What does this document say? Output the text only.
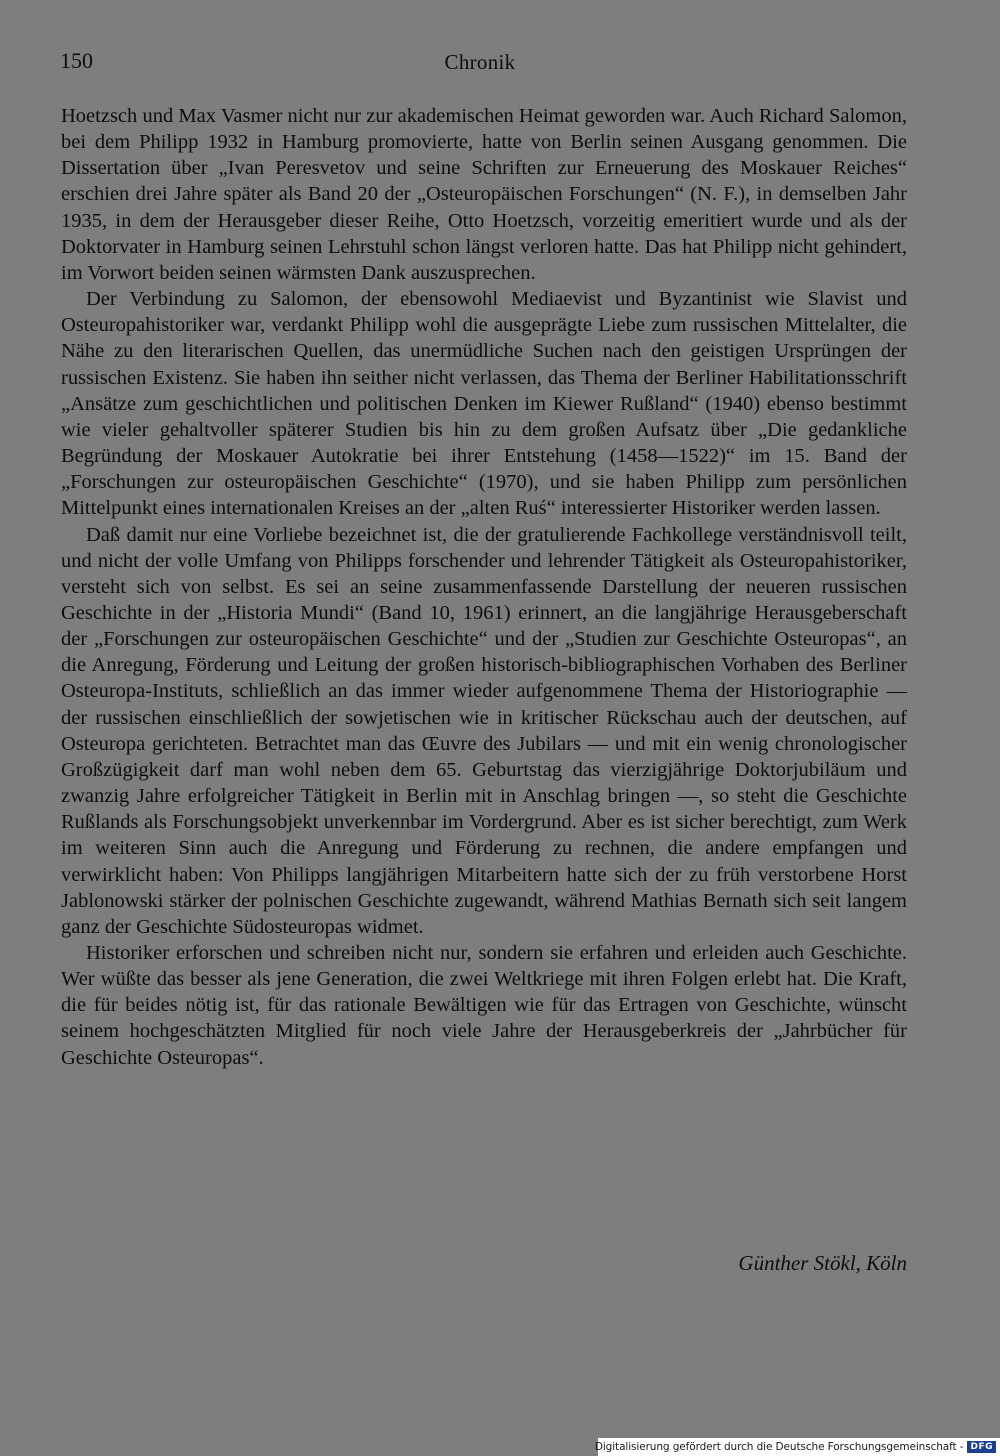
150	Chronik

Hoetzsch und Max Vasmer nicht nur zur akademischen Heimat geworden war. Auch Richard Salomon, bei dem Philipp 1932 in Hamburg promovierte, hatte von Berlin seinen Ausgang genommen. Die Dissertation über „Ivan Peresvetov und seine Schriften zur Erneuerung des Moskauer Reiches“ erschien drei Jahre später als Band 20 der „Osteuropäischen Forschungen“ (N. F.), in demselben Jahr 1935, in dem der Herausgeber dieser Reihe, Otto Hoetzsch, vorzeitig emeritiert wurde und als der Doktorvater in Hamburg seinen Lehrstuhl schon längst verloren hatte. Das hat Philipp nicht gehindert, im Vorwort beiden seinen wärmsten Dank auszusprechen.

Der Verbindung zu Salomon, der ebensowohl Mediaevist und Byzantinist wie Slavist und Osteuropahistoriker war, verdankt Philipp wohl die ausgeprägte Liebe zum russischen Mittelalter, die Nähe zu den literarischen Quellen, das unermüdliche Suchen nach den geistigen Ursprüngen der russischen Existenz. Sie haben ihn seither nicht verlassen, das Thema der Berliner Habilitationsschrift „Ansätze zum geschichtlichen und politischen Denken im Kiewer Rußland“ (1940) ebenso bestimmt wie vieler gehaltvoller späterer Studien bis hin zu dem großen Aufsatz über „Die gedankliche Begründung der Moskauer Autokratie bei ihrer Entstehung (1458—1522)“ im 15. Band der „Forschungen zur osteuropäischen Geschichte“ (1970), und sie haben Philipp zum persönlichen Mittelpunkt eines internationalen Kreises an der „alten Ruś“ interessierter Historiker werden lassen.

Daß damit nur eine Vorliebe bezeichnet ist, die der gratulierende Fachkollege verständnisvoll teilt, und nicht der volle Umfang von Philipps forschender und lehrender Tätigkeit als Osteuropahistoriker, versteht sich von selbst. Es sei an seine zusammenfassende Darstellung der neueren russischen Geschichte in der „Historia Mundi“ (Band 10, 1961) erinnert, an die langjährige Herausgeberschaft der „Forschungen zur osteuropäischen Geschichte“ und der „Studien zur Geschichte Osteuropas“, an die Anregung, Förderung und Leitung der großen historisch-bibliographischen Vorhaben des Berliner Osteuropa-Instituts, schließlich an das immer wieder aufgenommene Thema der Historiographie — der russischen einschließlich der sowjetischen wie in kritischer Rückschau auch der deutschen, auf Osteuropa gerichteten. Betrachtet man das Œuvre des Jubilars — und mit ein wenig chronologischer Großzügigkeit darf man wohl neben dem 65. Geburtstag das vierzigjährige Doktorjubiläum und zwanzig Jahre erfolgreicher Tätigkeit in Berlin mit in Anschlag bringen —, so steht die Geschichte Rußlands als Forschungsobjekt unverkennbar im Vordergrund. Aber es ist sicher berechtigt, zum Werk im weiteren Sinn auch die Anregung und Förderung zu rechnen, die andere empfangen und verwirklicht haben: Von Philipps langjährigen Mitarbeitern hatte sich der zu früh verstorbene Horst Jablonowski stärker der polnischen Geschichte zugewandt, während Mathias Bernath sich seit langem ganz der Geschichte Südosteuropas widmet.

Historiker erforschen und schreiben nicht nur, sondern sie erfahren und erleiden auch Geschichte. Wer wüßte das besser als jene Generation, die zwei Weltkriege mit ihren Folgen erlebt hat. Die Kraft, die für beides nötig ist, für das rationale Bewältigen wie für das Ertragen von Geschichte, wünscht seinem hochgeschätzten Mitglied für noch viele Jahre der Herausgeberkreis der „Jahrbücher für Geschichte Osteuropas“.

Günther Stökl, Köln
Digitalisierung gefördert durch die Deutsche Forschungsgemeinschaft - DFG
